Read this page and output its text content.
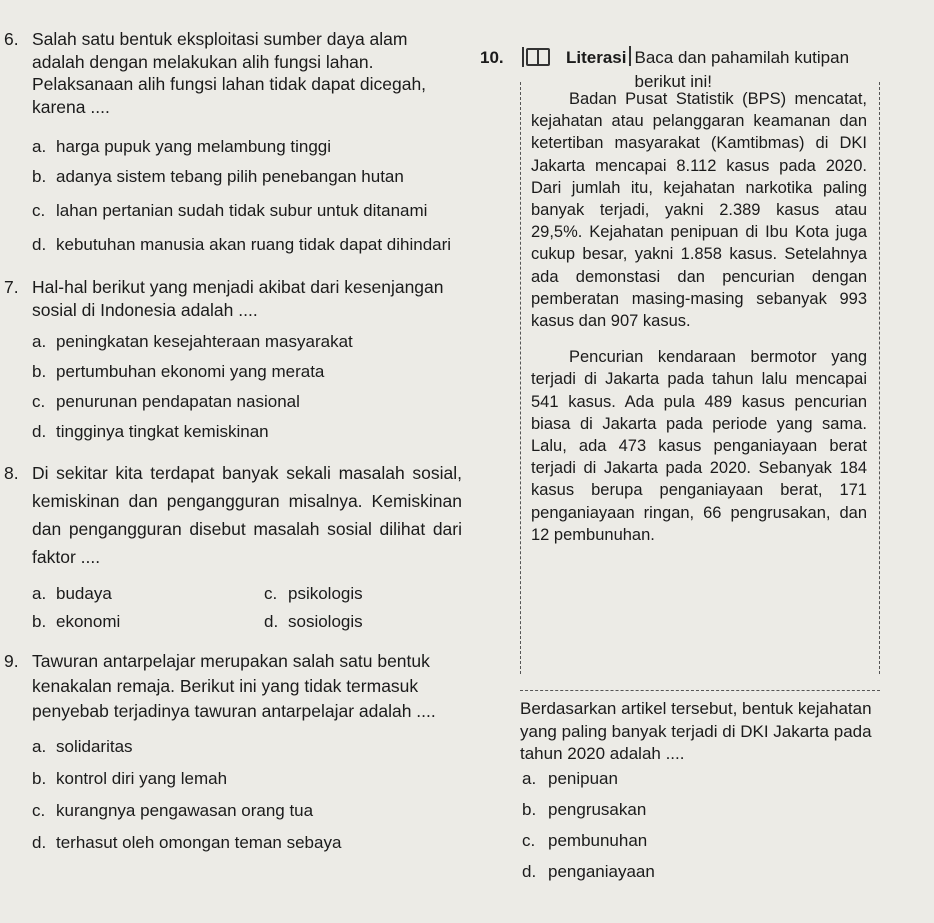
6. Salah satu bentuk eksploitasi sumber daya alam adalah dengan melakukan alih fungsi lahan. Pelaksanaan alih fungsi lahan tidak dapat dicegah, karena ....
a. harga pupuk yang melambung tinggi
b. adanya sistem tebang pilih penebangan hutan
c. lahan pertanian sudah tidak subur untuk ditanami
d. kebutuhan manusia akan ruang tidak dapat dihindari
7. Hal-hal berikut yang menjadi akibat dari kesenjangan sosial di Indonesia adalah ....
a. peningkatan kesejahteraan masyarakat
b. pertumbuhan ekonomi yang merata
c. penurunan pendapatan nasional
d. tingginya tingkat kemiskinan
8. Di sekitar kita terdapat banyak sekali masalah sosial, kemiskinan dan pengangguran misalnya. Kemiskinan dan pengangguran disebut masalah sosial dilihat dari faktor ....
a. budaya	c. psikologis
b. ekonomi	d. sosiologis
9. Tawuran antarpelajar merupakan salah satu bentuk kenakalan remaja. Berikut ini yang tidak termasuk penyebab terjadinya tawuran antarpelajar adalah ....
a. solidaritas
b. kontrol diri yang lemah
c. kurangnya pengawasan orang tua
d. terhasut oleh omongan teman sebaya
10.	Literasi Baca dan pahamilah kutipan berikut ini!

Badan Pusat Statistik (BPS) mencatat, kejahatan atau pelanggaran keamanan dan ketertiban masyarakat (Kamtibmas) di DKI Jakarta mencapai 8.112 kasus pada 2020. Dari jumlah itu, kejahatan narkotika paling banyak terjadi, yakni 2.389 kasus atau 29,5%. Kejahatan penipuan di Ibu Kota juga cukup besar, yakni 1.858 kasus. Setelahnya ada demonstasi dan pencurian dengan pemberatan masing-masing sebanyak 993 kasus dan 907 kasus.

Pencurian kendaraan bermotor yang terjadi di Jakarta pada tahun lalu mencapai 541 kasus. Ada pula 489 kasus pencurian biasa di Jakarta pada periode yang sama. Lalu, ada 473 kasus penganiayaan berat terjadi di Jakarta pada 2020. Sebanyak 184 kasus berupa penganiayaan berat, 171 penganiayaan ringan, 66 pengrusakan, dan 12 pembunuhan.

Berdasarkan artikel tersebut, bentuk kejahatan yang paling banyak terjadi di DKI Jakarta pada tahun 2020 adalah ....
a. penipuan
b. pengrusakan
c. pembunuhan
d. penganiayaan
